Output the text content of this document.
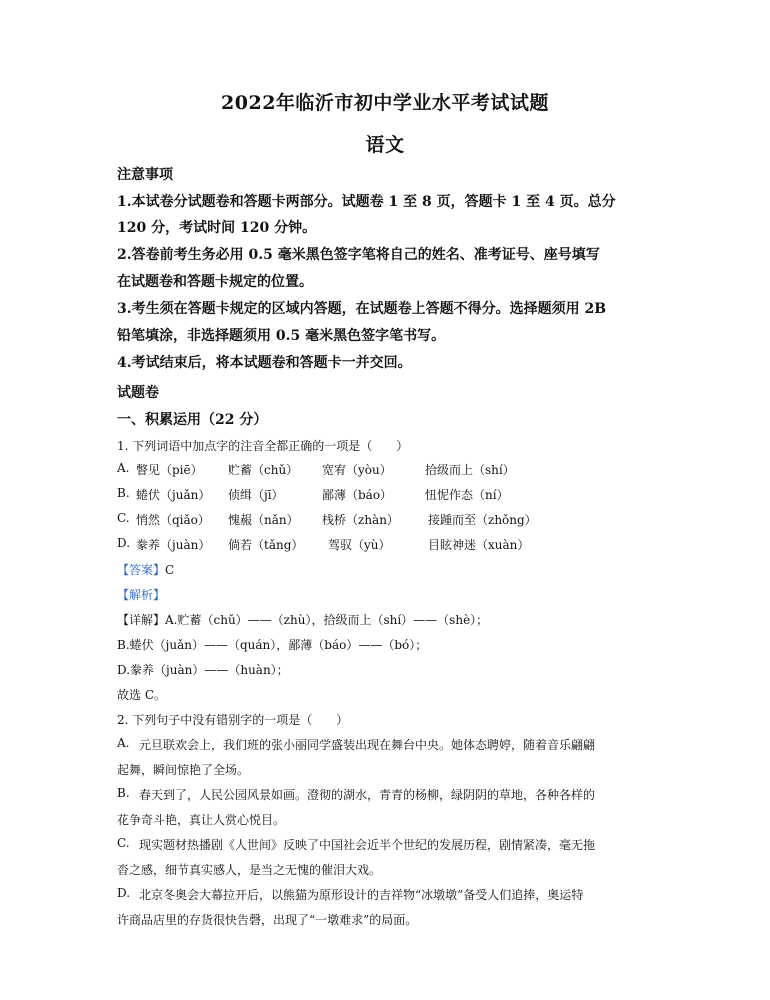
2022年临沂市初中学业水平考试试题
语文
注意事项
1.本试卷分试题卷和答题卡两部分。试题卷 1 至 8 页，答题卡 1 至 4 页。总分
120 分，考试时间 120 分钟。
2.答卷前考生务必用 0.5 毫米黑色签字笔将自己的姓名、准考证号、座号填写
在试题卷和答题卡规定的位置。
3.考生须在答题卡规定的区域内答题，在试题卷上答题不得分。选择题须用 2B
铅笔填涂，非选择题须用 0.5 毫米黑色签字笔书写。
4.考试结束后，将本试题卷和答题卡一并交回。
试题卷
一、积累运用（22 分）
1. 下列词语中加点字的注音全都正确的一项是（　　）
A. 瞥见（piē） 贮蓄（chǔ） 宽宥（yòu）	拾级而上（shí）
B. 蜷伏（juǎn） 侦缉（jī）	鄙薄（báo）	忸怩作态（ní）
C. 悄然（qiǎo） 愧赧（nǎn） 栈桥（zhàn） 接踵而至（zhǒng）
D. 豢养（juàn） 倘若（tǎng） 驾驭（yù）	目眩神迷（xuàn）
【答案】C
【解析】
【详解】A.贮蓄（chǔ）——（zhù），拾级而上（shí）——（shè）；
B.蜷伏（juǎn）——（quán），鄙薄（báo）——（bó）；
D.豢养（juàn）——（huàn）；
故选 C。
2. 下列句子中没有错别字的一项是（　　）
A. 元旦联欢会上，我们班的张小丽同学盛装出现在舞台中央。她体态聘婷，随着音乐翩翩
起舞，瞬间惊艳了全场。
B. 春天到了，人民公园风景如画。澄彻的湖水，青青的杨柳，绿阴阴的草地，各种各样的
花争奇斗艳，真让人赏心悦目。
C. 现实题材热播剧《人世间》反映了中国社会近半个世纪的发展历程，剧情紧凑，毫无拖
沓之感，细节真实感人，是当之无愧的催泪大戏。
D. 北京冬奥会大幕拉开后，以熊猫为原形设计的吉祥物“冰墩墩”备受人们追捧，奥运特
许商品店里的存货很快告磬，出现了“一墩难求”的局面。
